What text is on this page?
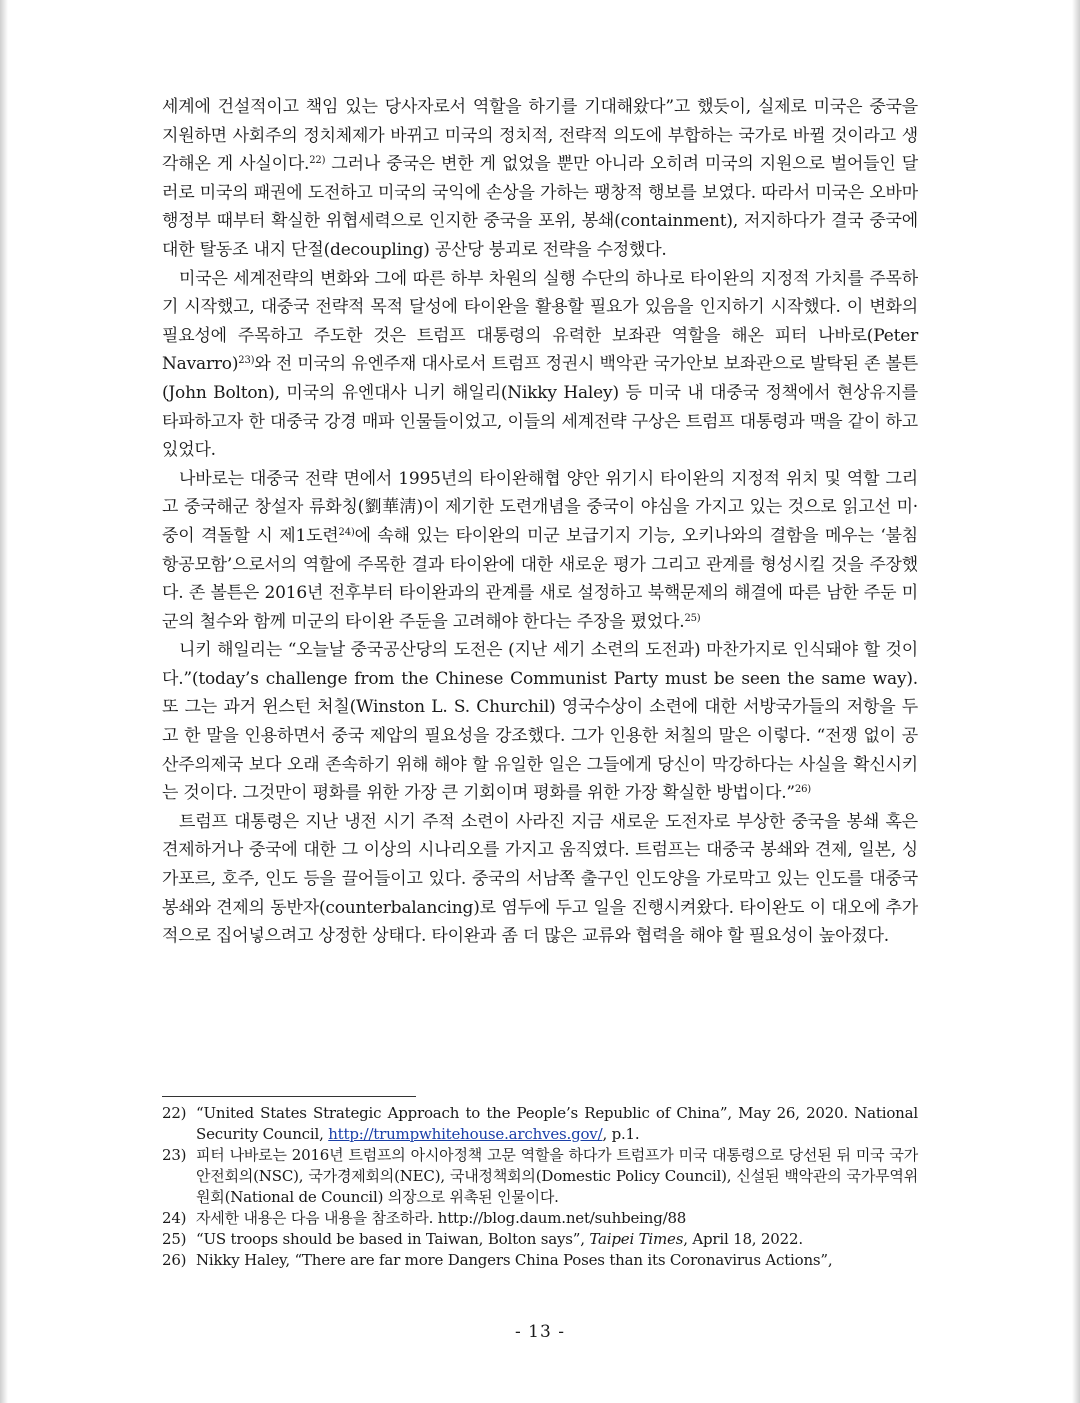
세계에 건설적이고 책임 있는 당사자로서 역할을 하기를 기대해왔다”고 했듯이, 실제로 미국은 중국을 지원하면 사회주의 정치체제가 바뀌고 미국의 정치적, 전략적 의도에 부합하는 국가로 바뀔 것이라고 생각해온 게 사실이다.$^{22)}$ 그러나 중국은 변한 게 없었을 뿐만 아니라 오히려 미국의 지원으로 벌어들인 달러로 미국의 패권에 도전하고 미국의 국익에 손상을 가하는 팽창적 행보를 보였다. 따라서 미국은 오바마 행정부 때부터 확실한 위협세력으로 인지한 중국을 포위, 봉쇄(containment), 저지하다가 결국 중국에 대한 탈동조 내지 단절(decoupling) 공산당 붕괴로 전략을 수정했다.

미국은 세계전략의 변화와 그에 따른 하부 차원의 실행 수단의 하나로 타이완의 지정적 가치를 주목하기 시작했고, 대중국 전략적 목적 달성에 타이완을 활용할 필요가 있음을 인지하기 시작했다. 이 변화의 필요성에 주목하고 주도한 것은 트럼프 대통령의 유력한 보좌관 역할을 해온 피터 나바로(Peter Navarro)$^{23)}$와 전 미국의 유엔주재 대사로서 트럼프 정권시 백악관 국가안보 보좌관으로 발탁된 존 볼튼(John Bolton), 미국의 유엔대사 니키 해일리(Nikky Haley) 등 미국 내 대중국 정책에서 현상유지를 타파하고자 한 대중국 강경 매파 인물들이었고, 이들의 세계전략 구상은 트럼프 대통령과 맥을 같이 하고 있었다.

나바로는 대중국 전략 면에서 1995년의 타이완해협 양안 위기시 타이완의 지정적 위치 및 역할 그리고 중국해군 창설자 류화칭(劉華淸)이 제기한 도련개념을 중국이 야심을 가지고 있는 것으로 읽고선 미·중이 격돌할 시 제1도련$^{24)}$에 속해 있는 타이완의 미군 보급기지 기능, 오키나와의 결함을 메우는 ‘불침 항공모함’으로서의 역할에 주목한 결과 타이완에 대한 새로운 평가 그리고 관계를 형성시킬 것을 주장했다. 존 볼튼은 2016년 전후부터 타이완과의 관계를 새로 설정하고 북핵문제의 해결에 따른 남한 주둔 미군의 철수와 함께 미군의 타이완 주둔을 고려해야 한다는 주장을 폈었다.$^{25)}$

니키 해일리는 “오늘날 중국공산당의 도전은 (지난 세기 소련의 도전과) 마찬가지로 인식돼야 할 것이다.”(today’s challenge from the Chinese Communist Party must be seen the same way). 또 그는 과거 윈스턴 처칠(Winston L. S. Churchil) 영국수상이 소련에 대한 서방국가들의 저항을 두고 한 말을 인용하면서 중국 제압의 필요성을 강조했다. 그가 인용한 처칠의 말은 이렇다. “전쟁 없이 공산주의제국 보다 오래 존속하기 위해 해야 할 유일한 일은 그들에게 당신이 막강하다는 사실을 확신시키는 것이다. 그것만이 평화를 위한 가장 큰 기회이며 평화를 위한 가장 확실한 방법이다.”$^{26)}$

트럼프 대통령은 지난 냉전 시기 주적 소련이 사라진 지금 새로운 도전자로 부상한 중국을 봉쇄 혹은 견제하거나 중국에 대한 그 이상의 시나리오를 가지고 움직였다. 트럼프는 대중국 봉쇄와 견제, 일본, 싱가포르, 호주, 인도 등을 끌어들이고 있다. 중국의 서남쪽 출구인 인도양을 가로막고 있는 인도를 대중국 봉쇄와 견제의 동반자(counterbalancing)로 염두에 두고 일을 진행시켜왔다. 타이완도 이 대오에 추가적으로 집어넣으려고 상정한 상태다. 타이완과 좀 더 많은 교류와 협력을 해야 할 필요성이 높아졌다.

22) “United States Strategic Approach to the People’s Republic of China”, May 26, 2020. National Security Council, http://trumpwhitehouse.archves.gov/, p.1.
23) 피터 나바로는 2016년 트럼프의 아시아정책 고문 역할을 하다가 트럼프가 미국 대통령으로 당선된 뒤 미국 국가안전회의(NSC), 국가경제회의(NEC), 국내정책회의(Domestic Policy Council), 신설된 백악관의 국가무역위원회(National de Council) 의장으로 위촉된 인물이다.
24) 자세한 내용은 다음 내용을 참조하라. http://blog.daum.net/suhbeing/88
25) “US troops should be based in Taiwan, Bolton says”, Taipei Times, April 18, 2022.
26) Nikky Haley, “There are far more Dangers China Poses than its Coronavirus Actions”,
- 13 -
